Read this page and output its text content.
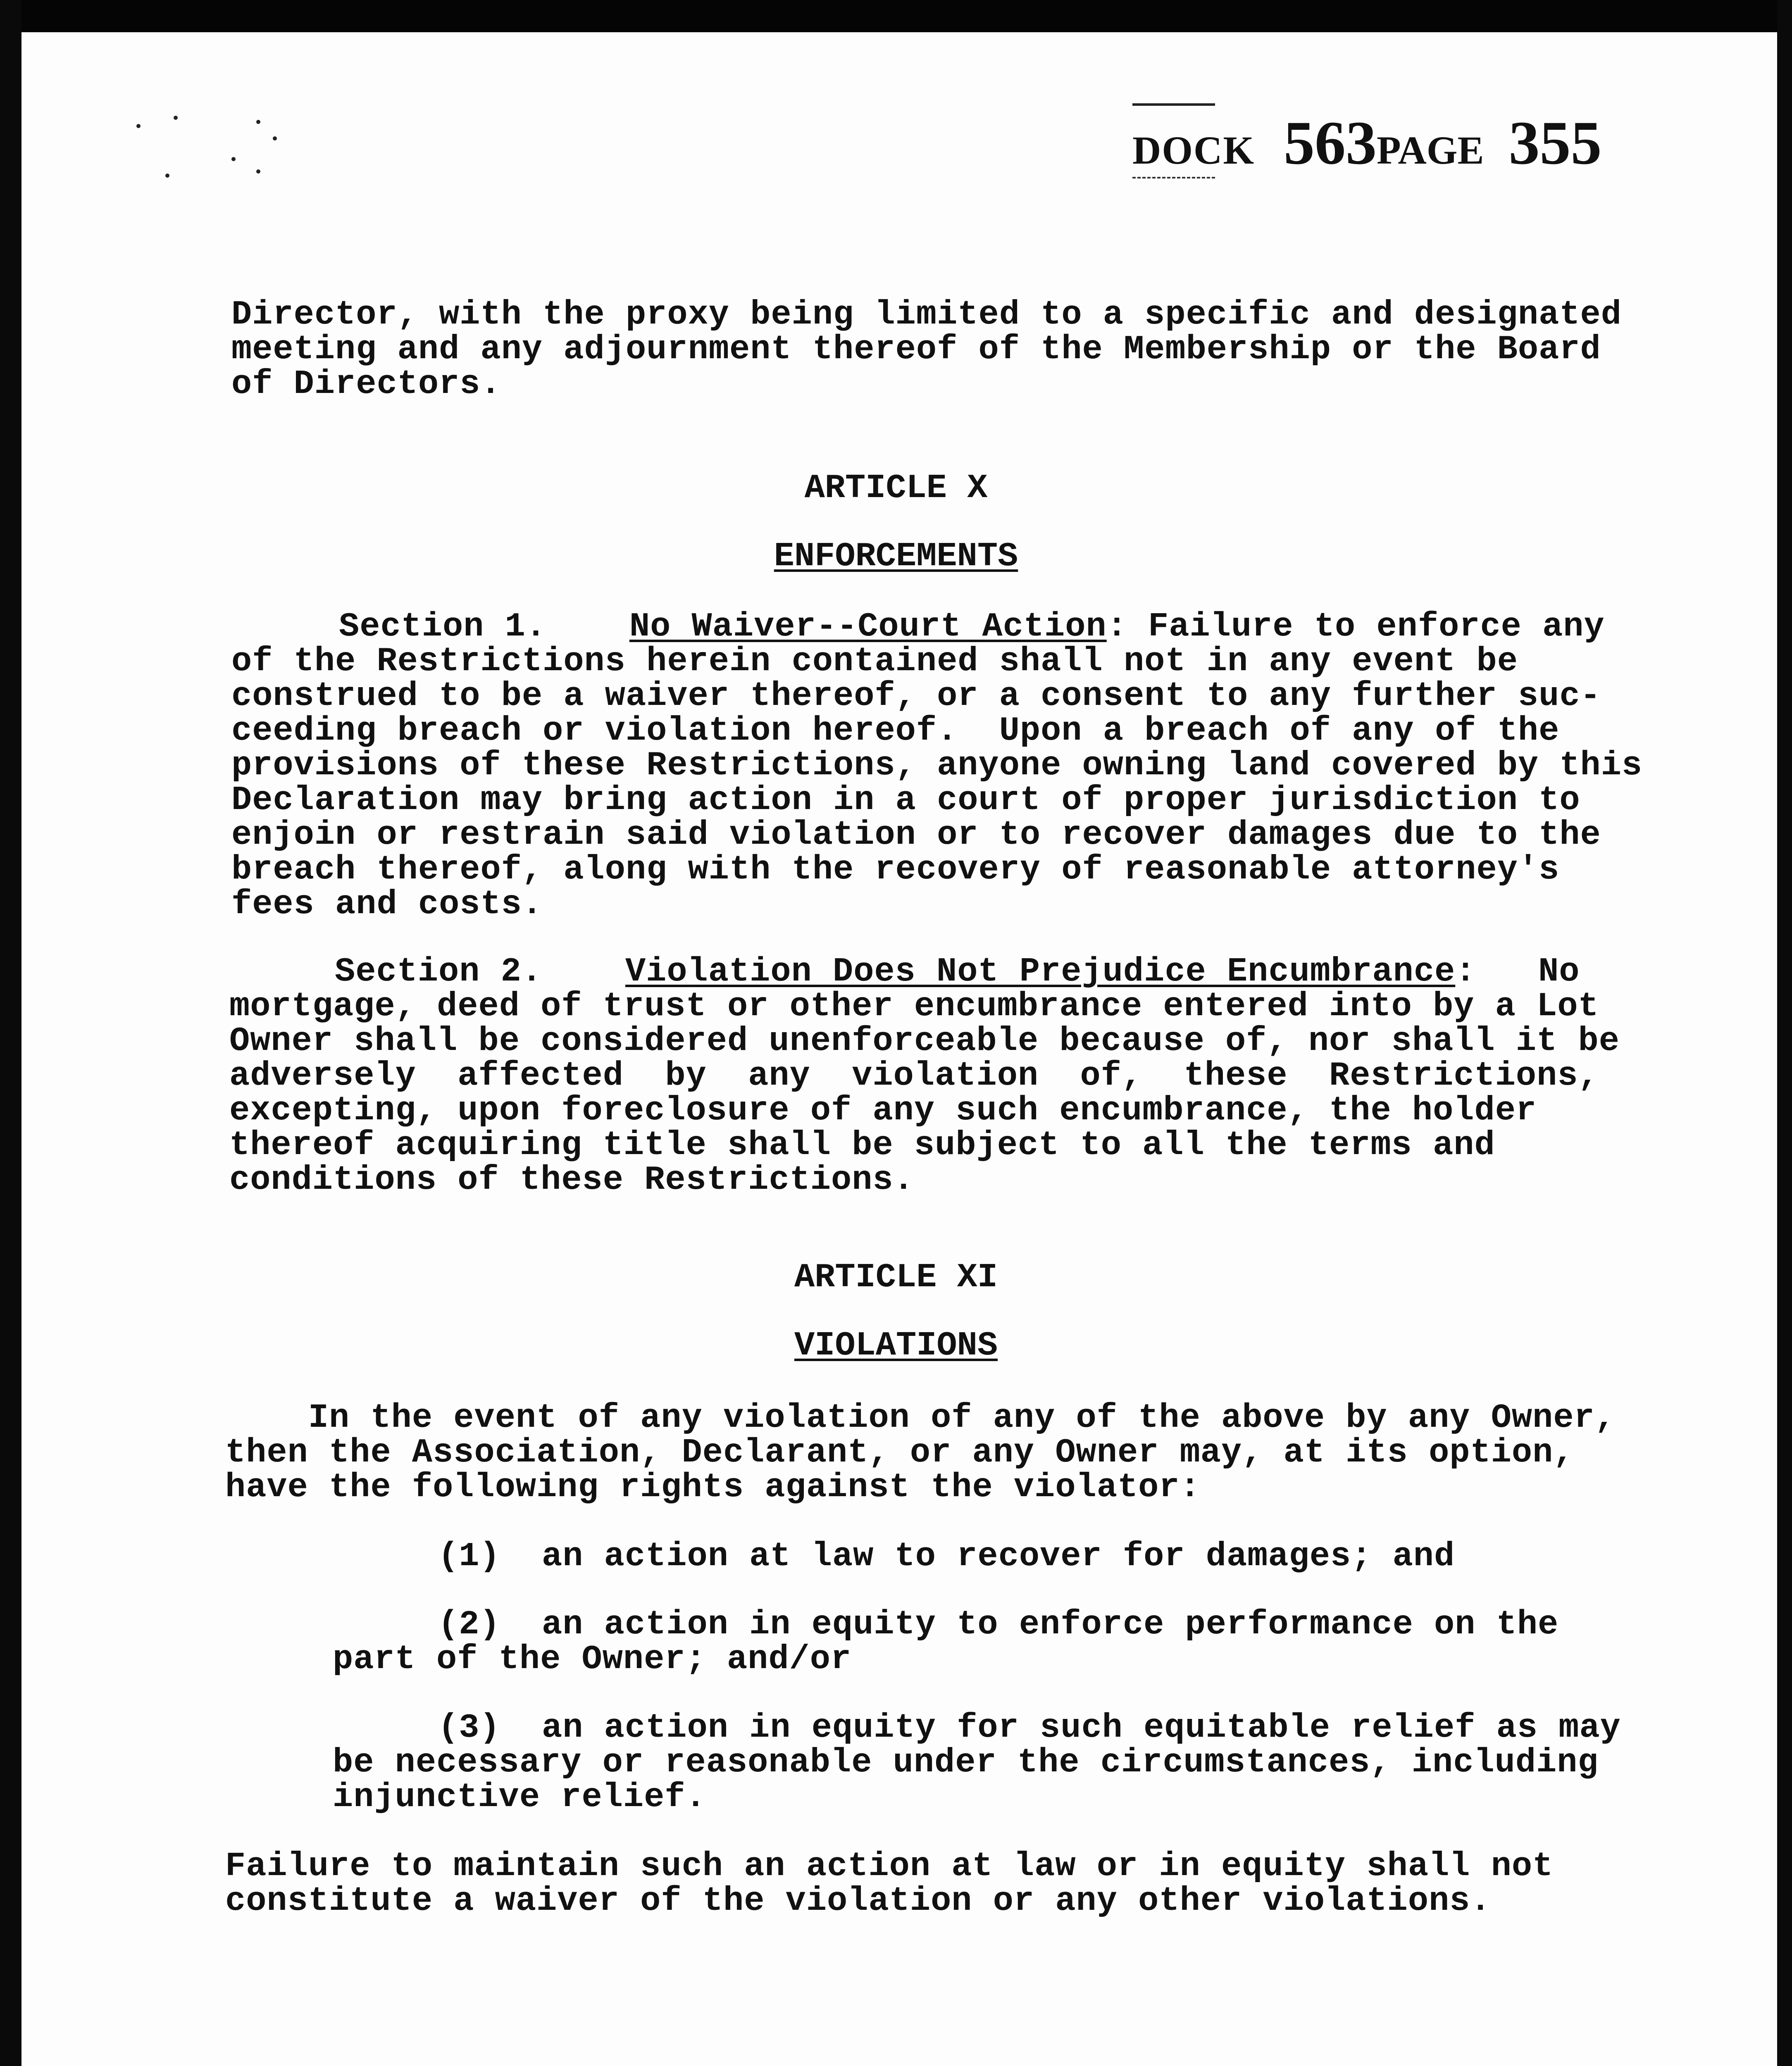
DOCK 563PAGE 355
Director, with the proxy being limited to a specific and designated
meeting and any adjournment thereof of the Membership or the Board
of Directors.
ARTICLE X
ENFORCEMENTS
Section 1. No Waiver--Court Action: Failure to enforce any
of the Restrictions herein contained shall not in any event be
construed to be a waiver thereof, or a consent to any further suc-
ceeding breach or violation hereof.  Upon a breach of any of the
provisions of these Restrictions, anyone owning land covered by this
Declaration may bring action in a court of proper jurisdiction to
enjoin or restrain said violation or to recover damages due to the
breach thereof, along with the recovery of reasonable attorney's
fees and costs.
Section 2. Violation Does Not Prejudice Encumbrance:   No
mortgage, deed of trust or other encumbrance entered into by a Lot
Owner shall be considered unenforceable because of, nor shall it be
adversely  affected  by  any  violation  of,  these  Restrictions,
excepting, upon foreclosure of any such encumbrance, the holder
thereof acquiring title shall be subject to all the terms and
conditions of these Restrictions.
ARTICLE XI
VIOLATIONS
In the event of any violation of any of the above by any Owner,
then the Association, Declarant, or any Owner may, at its option,
have the following rights against the violator:
(1)  an action at law to recover for damages; and
(2)  an action in equity to enforce performance on the
part of the Owner; and/or
(3)  an action in equity for such equitable relief as may
be necessary or reasonable under the circumstances, including
injunctive relief.
Failure to maintain such an action at law or in equity shall not
constitute a waiver of the violation or any other violations.
